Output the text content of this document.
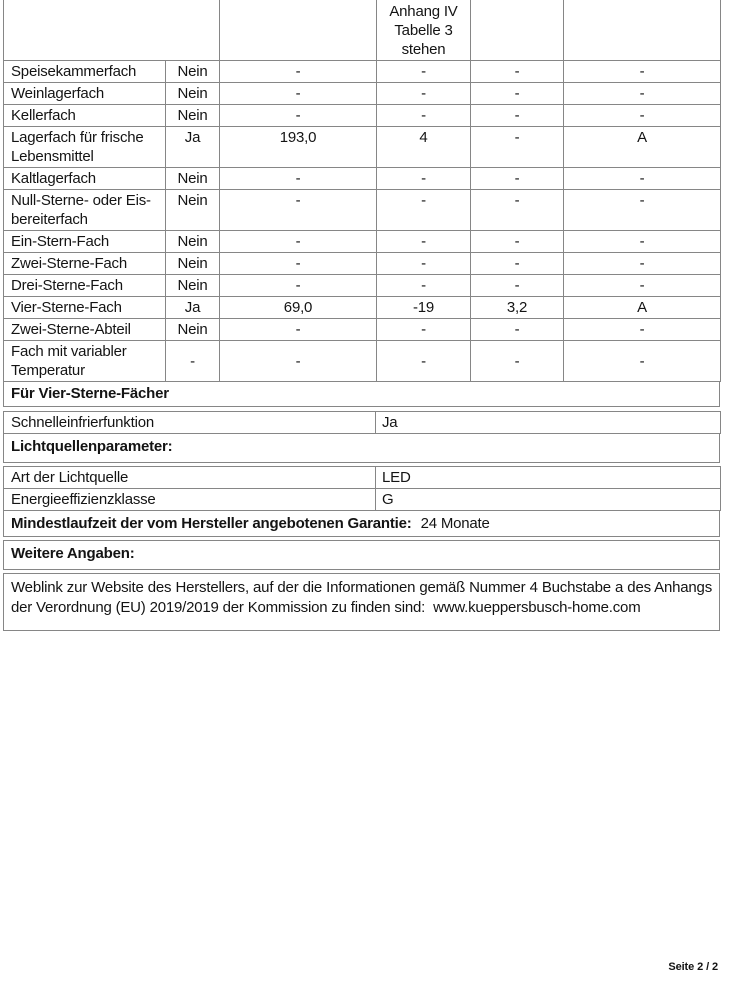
			Anhang IV
Tabelle 3
stehen		

Speisekammerfach	Nein	-	-	-	-
Weinlagerfach	Nein	-	-	-	-
Kellerfach	Nein	-	-	-	-
Lagerfach für frische Lebensmittel	Ja	193,0	4	-	A
Kaltlagerfach	Nein	-	-	-	-
Null-Sterne- oder Eis-bereiterfach	Nein	-	-	-	-
Ein-Stern-Fach	Nein	-	-	-	-
Zwei-Sterne-Fach	Nein	-	-	-	-
Drei-Sterne-Fach	Nein	-	-	-	-
Vier-Sterne-Fach	Ja	69,0	-19	3,2	A
Zwei-Sterne-Abteil	Nein	-	-	-	-
Fach mit variabler Temperatur	-	-	-	-	-
Für Vier-Sterne-Fächer
Schnelleinfrierfunktion	Ja
Lichtquellenparameter:
Art der Lichtquelle	LED
Energieeffizienzklasse	G
Mindestlaufzeit der vom Hersteller angebotenen Garantie: 24 Monate
Weitere Angaben:
Weblink zur Website des Herstellers, auf der die Informationen gemäß Nummer 4 Buchstabe a des Anhangs der Verordnung (EU) 2019/2019 der Kommission zu finden sind: www.kueppersbusch-home.com
Seite 2 / 2
